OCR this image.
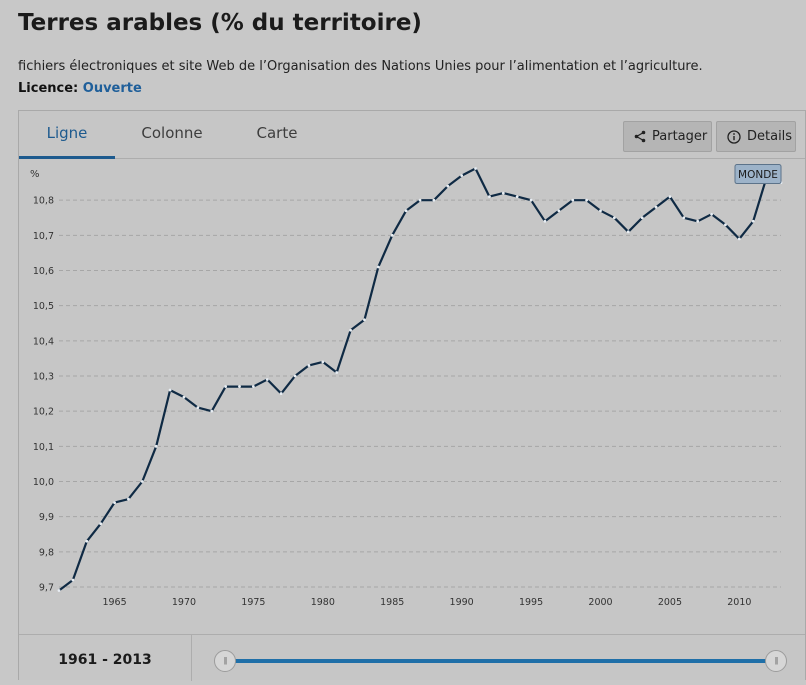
Terres arables (% du territoire)
fichiers électroniques et site Web de l’Organisation des Nations Unies pour l’alimentation et l’agriculture.
Licence: Ouverte
Ligne	Colonne	Carte	Partager	Details
%
9,7
9,8
9,9
10,0
10,1
10,2
10,3
10,4
10,5
10,6
10,7
10,8
1965	1970	1975	1980	1985	1990	1995	2000	2005	2010
MONDE
1961 - 2013	|||	|||
